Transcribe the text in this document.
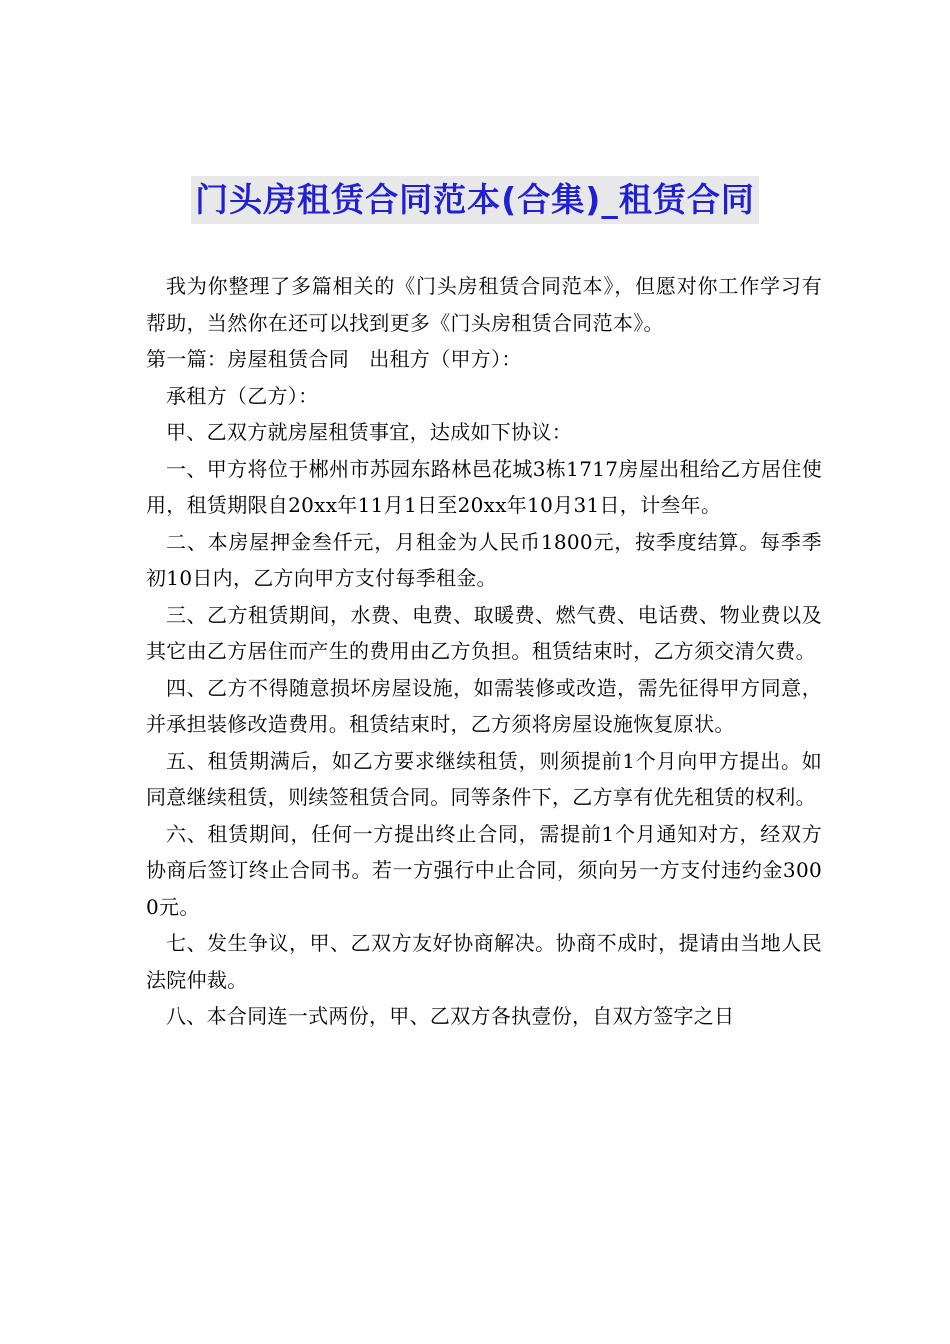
门头房租赁合同范本(合集)_租赁合同

我为你整理了多篇相关的《门头房租赁合同范本》，但愿对你工作学习有帮助，当然你在还可以找到更多《门头房租赁合同范本》。

第一篇：房屋租赁合同　出租方（甲方）：

承租方（乙方）：

甲、乙双方就房屋租赁事宜，达成如下协议：

一、甲方将位于郴州市苏园东路林邑花城3栋1717房屋出租给乙方居住使用，租赁期限自20xx年11月1日至20xx年10月31日，计叁年。

二、本房屋押金叁仟元，月租金为人民币1800元，按季度结算。每季季初10日内，乙方向甲方支付每季租金。

三、乙方租赁期间，水费、电费、取暖费、燃气费、电话费、物业费以及其它由乙方居住而产生的费用由乙方负担。租赁结束时，乙方须交清欠费。

四、乙方不得随意损坏房屋设施，如需装修或改造，需先征得甲方同意，并承担装修改造费用。租赁结束时，乙方须将房屋设施恢复原状。

五、租赁期满后，如乙方要求继续租赁，则须提前1个月向甲方提出。如同意继续租赁，则续签租赁合同。同等条件下，乙方享有优先租赁的权利。

六、租赁期间，任何一方提出终止合同，需提前1个月通知对方，经双方协商后签订终止合同书。若一方强行中止合同，须向另一方支付违约金3000元。

七、发生争议，甲、乙双方友好协商解决。协商不成时，提请由当地人民法院仲裁。

八、本合同连一式两份，甲、乙双方各执壹份，自双方签字之日
